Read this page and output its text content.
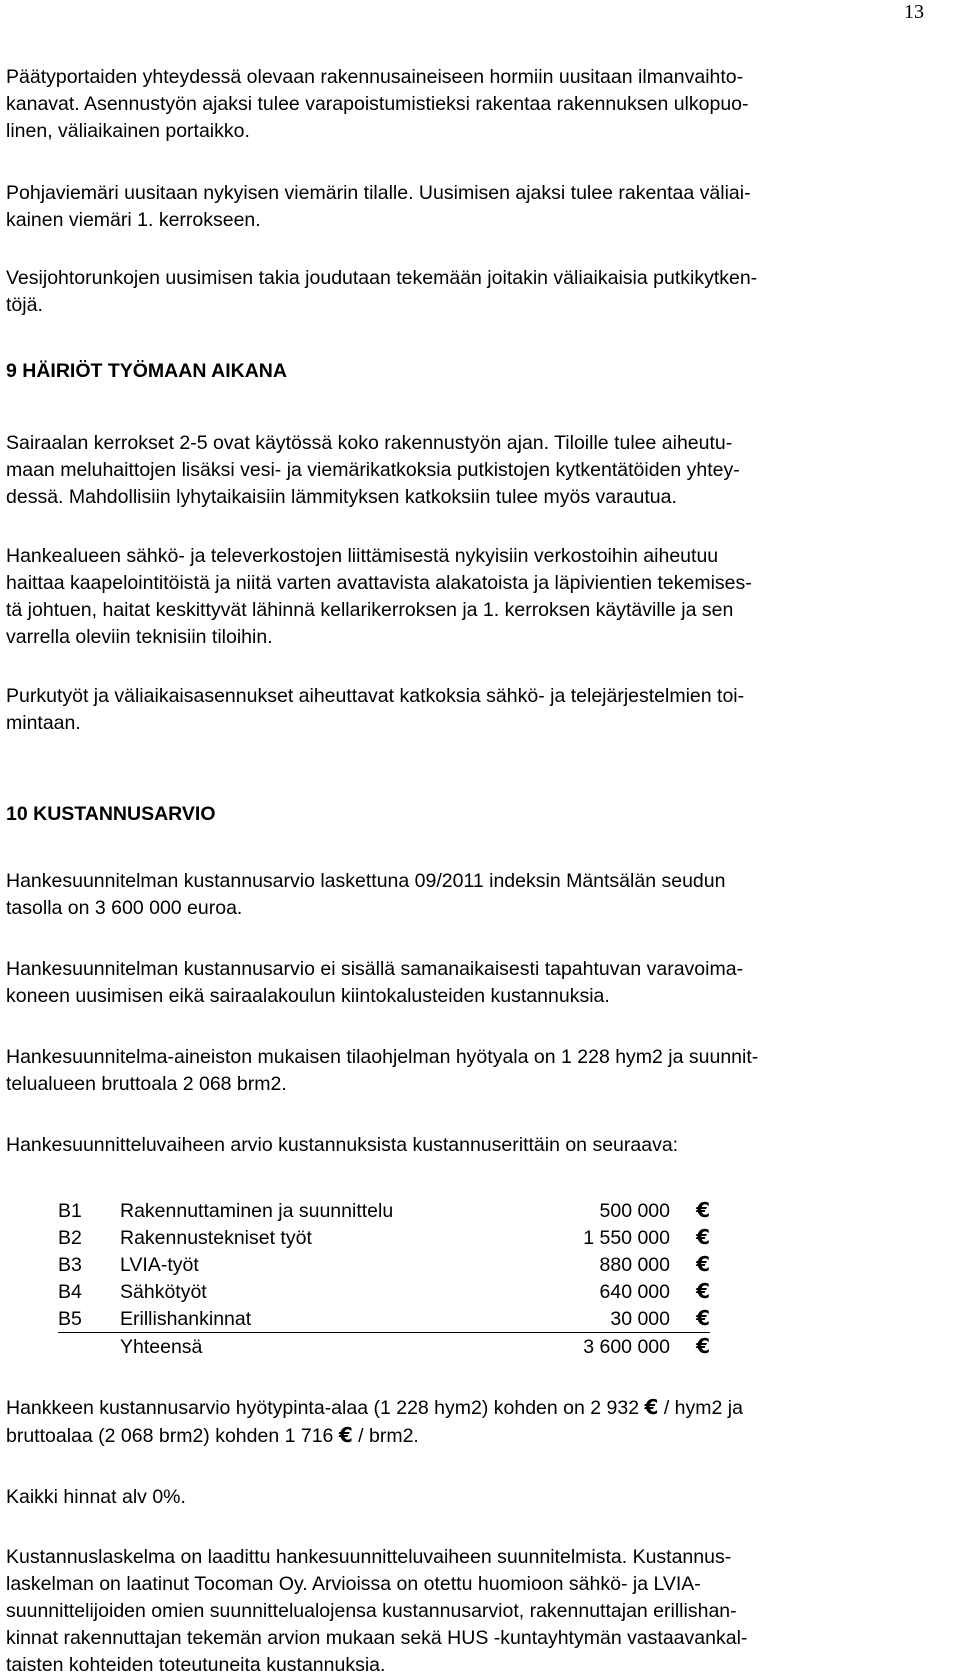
13

Päätyportaiden yhteydessä olevaan rakennusaineiseen hormiin uusitaan ilmanvaihto-
kanavat. Asennustyön ajaksi tulee varapoistumistieksi rakentaa rakennuksen ulkopuo-
linen, väliaikainen portaikko.

Pohjaviemäri uusitaan nykyisen viemärin tilalle. Uusimisen ajaksi tulee rakentaa väliai-
kainen viemäri 1. kerrokseen.

Vesijohtorunkojen uusimisen takia joudutaan tekemään joitakin väliaikaisia putkikytken-
töjä.

9 HÄIRIÖT TYÖMAAN AIKANA

Sairaalan kerrokset 2-5 ovat käytössä koko rakennustyön ajan. Tiloille tulee aiheutu-
maan meluhaittojen lisäksi vesi- ja viemärikatkoksia putkistojen kytkentätöiden yhtey-
dessä. Mahdollisiin lyhytaikaisiin lämmityksen katkoksiin tulee myös varautua.

Hankealueen sähkö- ja televerkostojen liittämisestä nykyisiin verkostoihin aiheutuu
haittaa kaapelointitöistä ja niitä varten avattavista alakatoista ja läpivientien tekemises-
tä johtuen, haitat keskittyvät lähinnä kellarikerroksen ja 1. kerroksen käytäville ja sen
varrella oleviin teknisiin tiloihin.

Purkutyöt ja väliaikaisasennukset aiheuttavat katkoksia sähkö- ja telejärjestelmien toi-
mintaan.

10 KUSTANNUSARVIO

Hankesuunnitelman kustannusarvio laskettuna 09/2011 indeksin Mäntsälän seudun
tasolla on 3 600 000 euroa.

Hankesuunnitelman kustannusarvio ei sisällä samanaikaisesti tapahtuvan varavoima-
koneen uusimisen eikä sairaalakoulun kiintokalusteiden kustannuksia.

Hankesuunnitelma-aineiston mukaisen tilaohjelman hyötyala on 1 228 hym2 ja suunnit-
telualueen bruttoala 2 068 brm2.

Hankesuunnitteluvaiheen arvio kustannuksista kustannuserittäin on seuraava:

B1	Rakennuttaminen ja suunnittelu	500 000	€
B2	Rakennustekniset työt	1 550 000	€
B3	LVIA-työt	880 000	€
B4	Sähkötyöt	640 000	€
B5	Erillishankinnat	30 000	€
	Yhteensä	3 600 000	€

Hankkeen kustannusarvio hyötypinta-alaa (1 228 hym2) kohden on 2 932 € / hym2 ja
bruttoalaa (2 068 brm2) kohden 1 716 € / brm2.

Kaikki hinnat alv 0%.

Kustannuslaskelma on laadittu hankesuunnitteluvaiheen suunnitelmista. Kustannus-
laskelman on laatinut Tocoman Oy. Arvioissa on otettu huomioon sähkö- ja LVIA-
suunnittelijoiden omien suunnittelualojensa kustannusarviot, rakennuttajan erillishan-
kinnat rakennuttajan tekemän arvion mukaan sekä HUS -kuntayhtymän vastaavankal-
taisten kohteiden toteutuneita kustannuksia.
